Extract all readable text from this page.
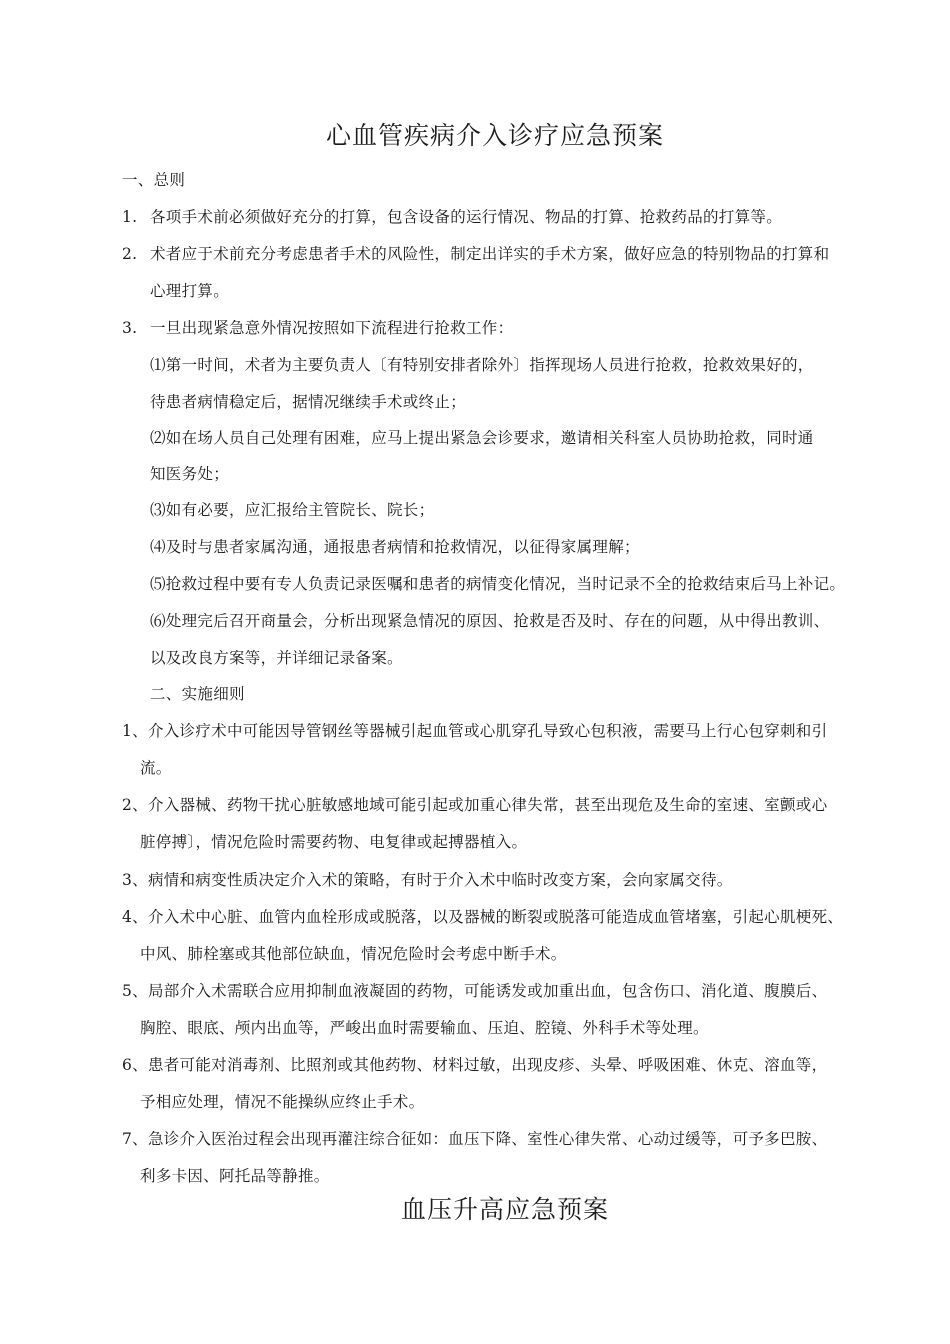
心血管疾病介入诊疗应急预案
一、总则
1. 各项手术前必须做好充分的打算，包含设备的运行情况、物品的打算、抢救药品的打算等。
2. 术者应于术前充分考虑患者手术的风险性，制定出详实的手术方案，做好应急的特别物品的打算和
心理打算。
3. 一旦出现紧急意外情况按照如下流程进行抢救工作：
⑴第一时间，术者为主要负责人〔有特别安排者除外〕指挥现场人员进行抢救，抢救效果好的，
待患者病情稳定后，据情况继续手术或终止；
⑵如在场人员自己处理有困难，应马上提出紧急会诊要求，邀请相关科室人员协助抢救，同时通
知医务处；
⑶如有必要，应汇报给主管院长、院长；
⑷及时与患者家属沟通，通报患者病情和抢救情况，以征得家属理解；
⑸抢救过程中要有专人负责记录医嘱和患者的病情变化情况，当时记录不全的抢救结束后马上补记。
⑹处理完后召开商量会，分析出现紧急情况的原因、抢救是否及时、存在的问题，从中得出教训、
以及改良方案等，并详细记录备案。
二、实施细则
1、介入诊疗术中可能因导管钢丝等器械引起血管或心肌穿孔导致心包积液，需要马上行心包穿刺和引
流。
2、介入器械、药物干扰心脏敏感地域可能引起或加重心律失常，甚至出现危及生命的室速、室颤或心
脏停搏〕，情况危险时需要药物、电复律或起搏器植入。
3、病情和病变性质决定介入术的策略，有时于介入术中临时改变方案，会向家属交待。
4、介入术中心脏、血管内血栓形成或脱落，以及器械的断裂或脱落可能造成血管堵塞，引起心肌梗死、
中风、肺栓塞或其他部位缺血，情况危险时会考虑中断手术。
5、局部介入术需联合应用抑制血液凝固的药物，可能诱发或加重出血，包含伤口、消化道、腹膜后、
胸腔、眼底、颅内出血等，严峻出血时需要输血、压迫、腔镜、外科手术等处理。
6、患者可能对消毒剂、比照剂或其他药物、材料过敏，出现皮疹、头晕、呼吸困难、休克、溶血等，
予相应处理，情况不能操纵应终止手术。
7、急诊介入医治过程会出现再灌注综合征如：血压下降、室性心律失常、心动过缓等，可予多巴胺、
利多卡因、阿托品等静推。
血压升高应急预案
